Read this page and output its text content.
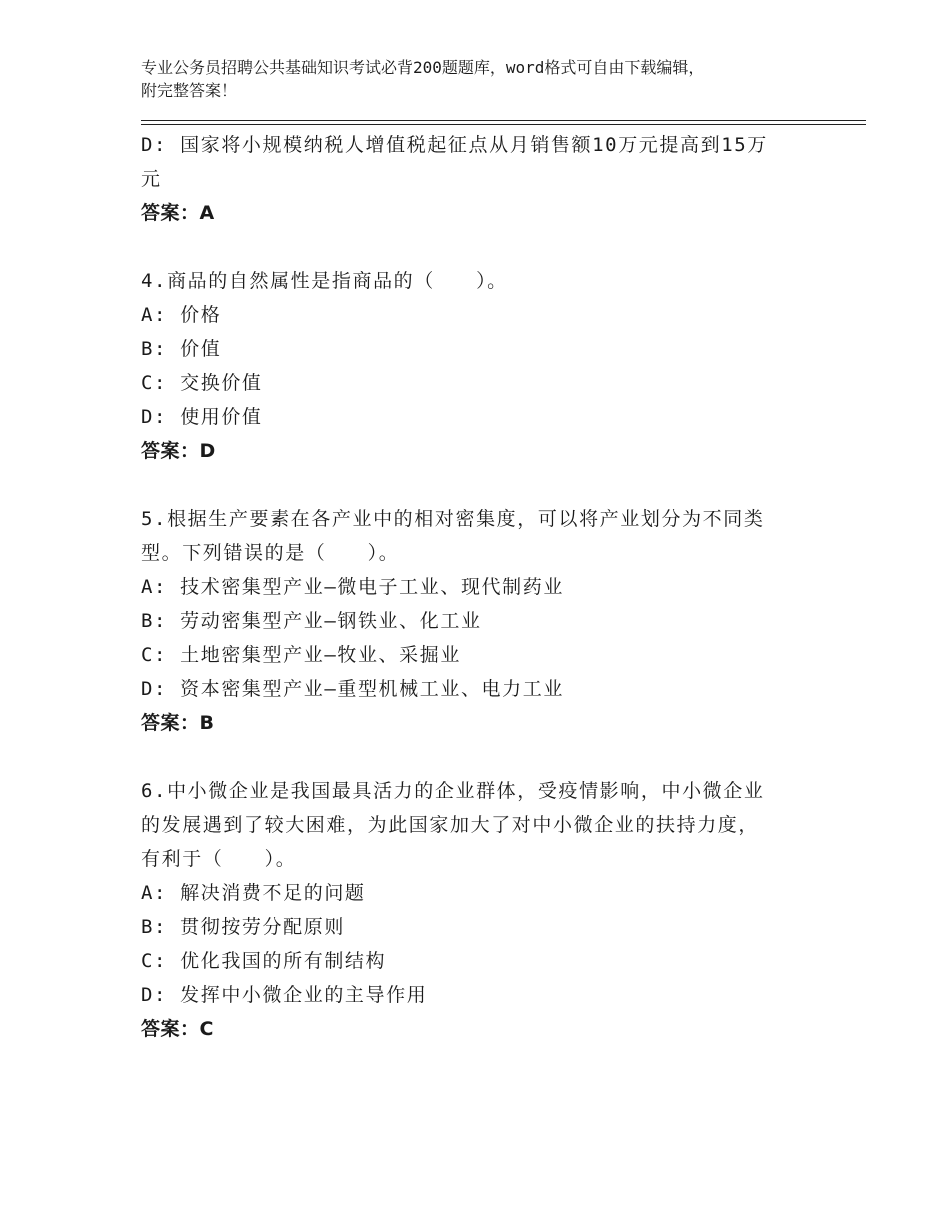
专业公务员招聘公共基础知识考试必背200题题库，word格式可自由下载编辑，
附完整答案！
D: 国家将小规模纳税人增值税起征点从月销售额10万元提高到15万
元
答案：A
4.商品的自然属性是指商品的（　　）。
A: 价格
B: 价值
C: 交换价值
D: 使用价值
答案：D
5.根据生产要素在各产业中的相对密集度，可以将产业划分为不同类
型。下列错误的是（　　）。
A: 技术密集型产业—微电子工业、现代制药业
B: 劳动密集型产业—钢铁业、化工业
C: 土地密集型产业—牧业、采掘业
D: 资本密集型产业—重型机械工业、电力工业
答案：B
6.中小微企业是我国最具活力的企业群体，受疫情影响，中小微企业
的发展遇到了较大困难，为此国家加大了对中小微企业的扶持力度，
有利于（　　）。
A: 解决消费不足的问题
B: 贯彻按劳分配原则
C: 优化我国的所有制结构
D: 发挥中小微企业的主导作用
答案：C
